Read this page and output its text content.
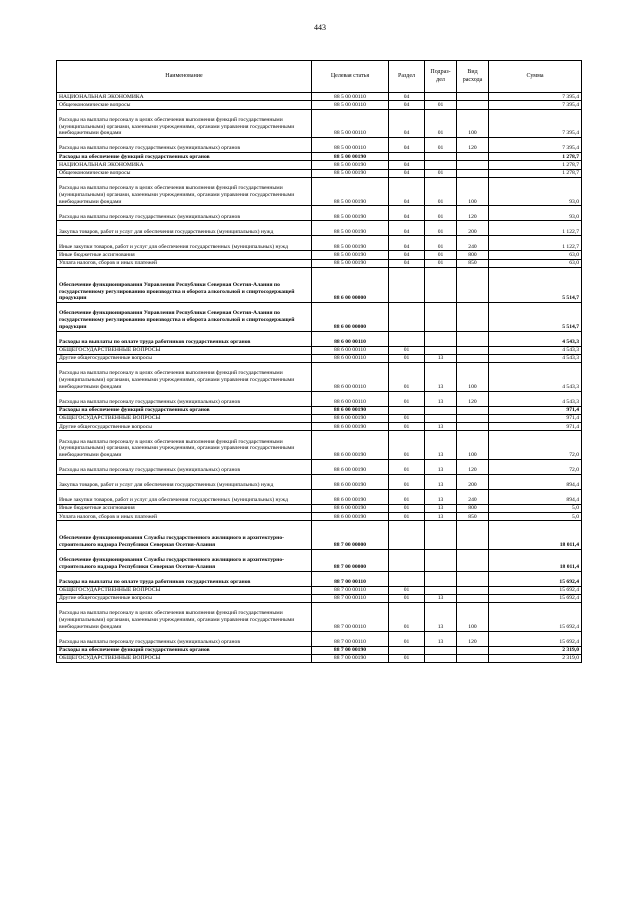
443
Наименование	Целевая статья	Раздел	Подраз-дел	Вид расхода	Сумма
НАЦИОНАЛЬНАЯ ЭКОНОМИКА	88 5 00 00110	04			7 395,4
Общеэкономические вопросы	88 5 00 00110	04	01		7 395,4
Расходы на выплаты персоналу в целях обеспечения выполнения функций государственными (муниципальными) органами, казенными учреждениями, органами управления государственными внебюджетными фондами	88 5 00 00110	04	01	100	7 395,4
Расходы на выплаты персоналу государственных (муниципальных) органов	88 5 00 00110	04	01	120	7 395,4
Расходы на обеспечение функций государственных органов	88 5 00 00190				1 278,7
НАЦИОНАЛЬНАЯ ЭКОНОМИКА	88 5 00 00190	04			1 278,7
Общеэкономические вопросы	88 5 00 00190	04	01		1 278,7
Расходы на выплаты персоналу в целях обеспечения выполнения функций государственными (муниципальными) органами, казенными учреждениями, органами управления государственными внебюджетными фондами	88 5 00 00190	04	01	100	93,0
Расходы на выплаты персоналу государственных (муниципальных) органов	88 5 00 00190	04	01	120	93,0
Закупка товаров, работ и услуг для обеспечения государственных (муниципальных) нужд	88 5 00 00190	04	01	200	1 122,7
Иные закупки товаров, работ и услуг для обеспечения государственных (муниципальных) нужд	88 5 00 00190	04	01	240	1 122,7
Иные бюджетные ассигнования	88 5 00 00190	04	01	800	63,0
Уплата налогов, сборов и иных платежей	88 5 00 00190	04	01	850	63,0
Обеспечение функционирования Управления Республики Северная Осетия-Алания по государственному регулированию производства и оборота алкогольной и спиртосодержащей продукции	88 6 00 00000				5 514,7
Обеспечение функционирования Управления Республики Северная Осетия-Алания по государственному регулированию производства и оборота алкогольной и спиртосодержащей продукции	88 6 00 00000				5 514,7
Расходы на выплаты по оплате труда работников государственных органов	88 6 00 00110				4 543,3
ОБЩЕГОСУДАРСТВЕННЫЕ ВОПРОСЫ	88 6 00 00110	01			4 543,3
Другие общегосударственные вопросы	88 6 00 00110	01	13		4 543,3
Расходы на выплаты персоналу в целях обеспечения выполнения функций государственными (муниципальными) органами, казенными учреждениями, органами управления государственными внебюджетными фондами	88 6 00 00110	01	13	100	4 543,3
Расходы на выплаты персоналу государственных (муниципальных) органов	88 6 00 00110	01	13	120	4 543,3
Расходы на обеспечение функций государственных органов	88 6 00 00190				971,4
ОБЩЕГОСУДАРСТВЕННЫЕ ВОПРОСЫ	88 6 00 00190	01			971,4
Другие общегосударственные вопросы	88 6 00 00190	01	13		971,4
Расходы на выплаты персоналу в целях обеспечения выполнения функций государственными (муниципальными) органами, казенными учреждениями, органами управления государственными внебюджетными фондами	88 6 00 00190	01	13	100	72,0
Расходы на выплаты персоналу государственных (муниципальных) органов	88 6 00 00190	01	13	120	72,0
Закупка товаров, работ и услуг для обеспечения государственных (муниципальных) нужд	88 6 00 00190	01	13	200	894,4
Иные закупки товаров, работ и услуг для обеспечения государственных (муниципальных) нужд	88 6 00 00190	01	13	240	894,4
Иные бюджетные ассигнования	88 6 00 00190	01	13	800	5,0
Уплата налогов, сборов и иных платежей	88 6 00 00190	01	13	850	5,0
Обеспечение функционирования Службы государственного жилищного и архитектурно-строительного надзора Республики Северная Осетия-Алания	88 7 00 00000				18 011,4
Обеспечение функционирования Службы государственного жилищного и архитектурно-строительного надзора Республики Северная Осетия-Алания	88 7 00 00000				18 011,4
Расходы на выплаты по оплате труда работников государственных органов	88 7 00 00110				15 692,4
ОБЩЕГОСУДАРСТВЕННЫЕ ВОПРОСЫ	88 7 00 00110	01			15 692,4
Другие общегосударственные вопросы	88 7 00 00110	01	13		15 692,4
Расходы на выплаты персоналу в целях обеспечения выполнения функций государственными (муниципальными) органами, казенными учреждениями, органами управления государственными внебюджетными фондами	88 7 00 00110	01	13	100	15 692,4
Расходы на выплаты персоналу государственных (муниципальных) органов	88 7 00 00110	01	13	120	15 692,4
Расходы на обеспечение функций государственных органов	88 7 00 00190				2 319,0
ОБЩЕГОСУДАРСТВЕННЫЕ ВОПРОСЫ	88 7 00 00190	01			2 319,0
